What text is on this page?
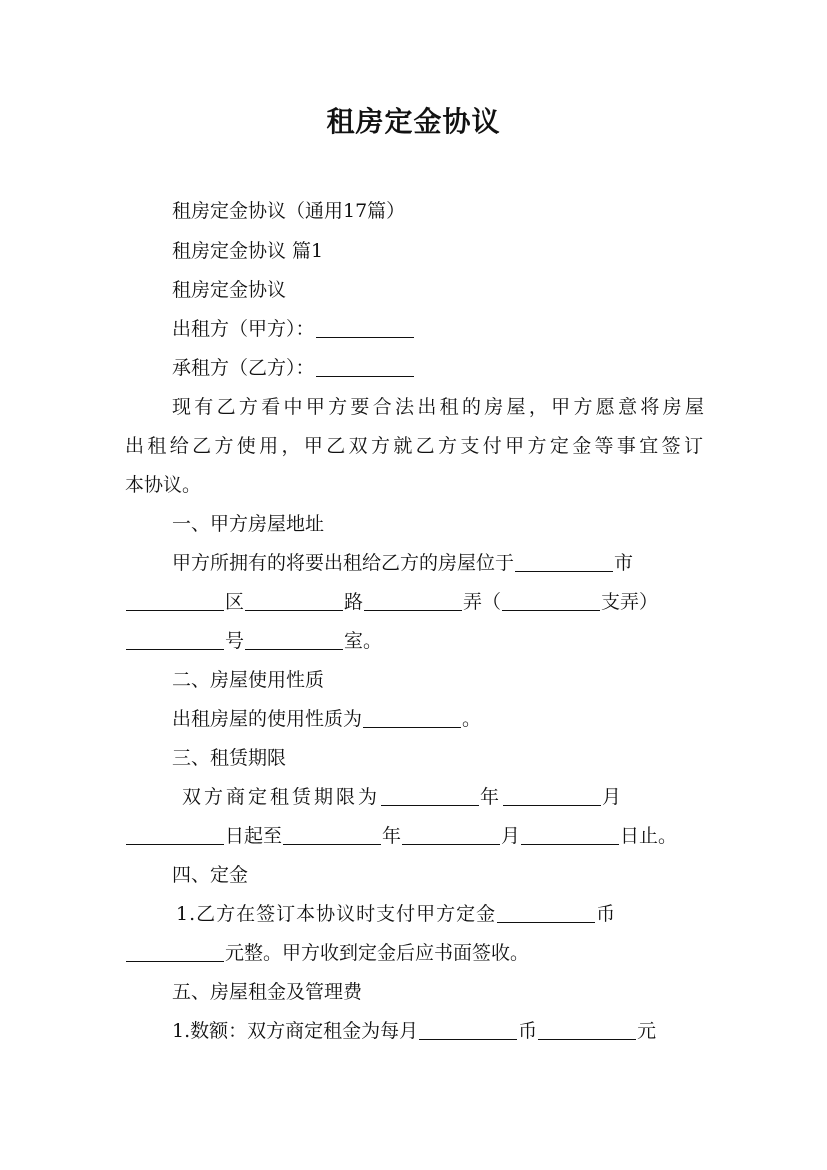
租房定金协议
租房定金协议（通用17篇）
租房定金协议 篇1
租房定金协议
出租方（甲方）：
承租方（乙方）：
现有乙方看中甲方要合法出租的房屋，甲方愿意将房屋
出租给乙方使用，甲乙双方就乙方支付甲方定金等事宜签订
本协议。
一、甲方房屋地址
甲方所拥有的将要出租给乙方的房屋位于	市
区	路	弄（	支弄）
号	室。
二、房屋使用性质
出租房屋的使用性质为	。
三、租赁期限
双方商定租赁期限为	年	月
日起至	年	月	日止。
四、定金
1.乙方在签订本协议时支付甲方定金	币
元整。甲方收到定金后应书面签收。
五、房屋租金及管理费
1.数额：双方商定租金为每月	币	元
